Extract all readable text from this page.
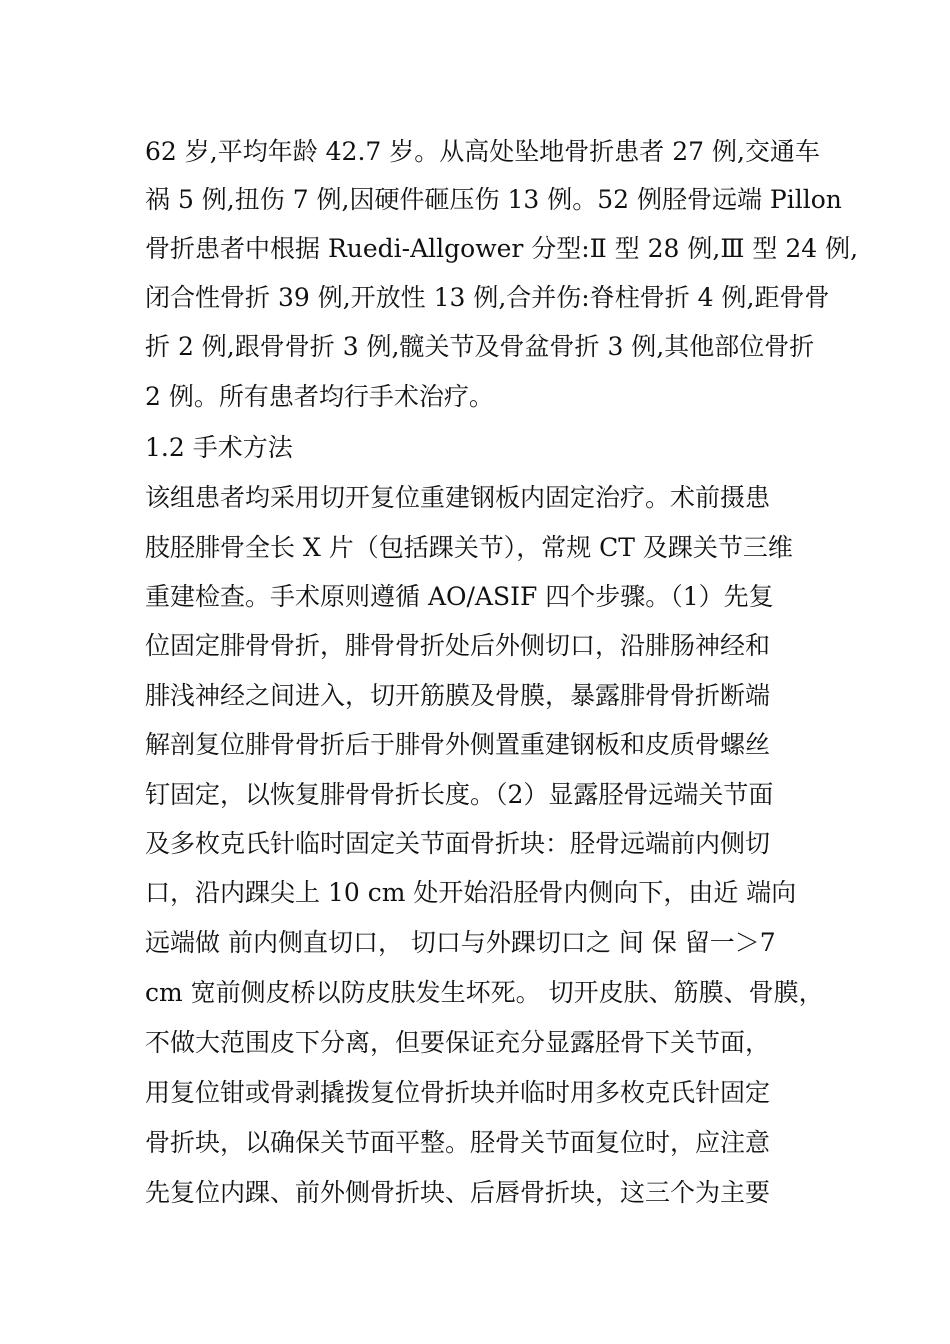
62 岁,平均年龄 42.7 岁。从高处坠地骨折患者 27 例,交通车
祸 5 例,扭伤 7 例,因硬件砸压伤 13 例。52 例胫骨远端 Pillon
骨折患者中根据 Ruedi-Allgower 分型:Ⅱ 型 28 例,Ⅲ 型 24 例,
闭合性骨折 39 例,开放性 13 例,合并伤:脊柱骨折 4 例,距骨骨
折 2 例,跟骨骨折 3 例,髋关节及骨盆骨折 3 例,其他部位骨折
2 例。所有患者均行手术治疗。
1.2 手术方法
该组患者均采用切开复位重建钢板内固定治疗。术前摄患
肢胫腓骨全长 X 片（包括踝关节），常规 CT 及踝关节三维
重建检查。手术原则遵循 AO/ASIF 四个步骤。（1）先复
位固定腓骨骨折，腓骨骨折处后外侧切口，沿腓肠神经和
腓浅神经之间进入，切开筋膜及骨膜，暴露腓骨骨折断端
解剖复位腓骨骨折后于腓骨外侧置重建钢板和皮质骨螺丝
钉固定，以恢复腓骨骨折长度。（2）显露胫骨远端关节面
及多枚克氏针临时固定关节面骨折块：胫骨远端前内侧切
口，沿内踝尖上 10 cm 处开始沿胫骨内侧向下，由近 端向
远端做 前内侧直切口， 切口与外踝切口之 间 保 留一＞7
cm 宽前侧皮桥以防皮肤发生坏死。 切开皮肤、筋膜、骨膜，
不做大范围皮下分离，但要保证充分显露胫骨下关节面，
用复位钳或骨剥撬拨复位骨折块并临时用多枚克氏针固定
骨折块，以确保关节面平整。胫骨关节面复位时，应注意
先复位内踝、前外侧骨折块、后唇骨折块，这三个为主要
